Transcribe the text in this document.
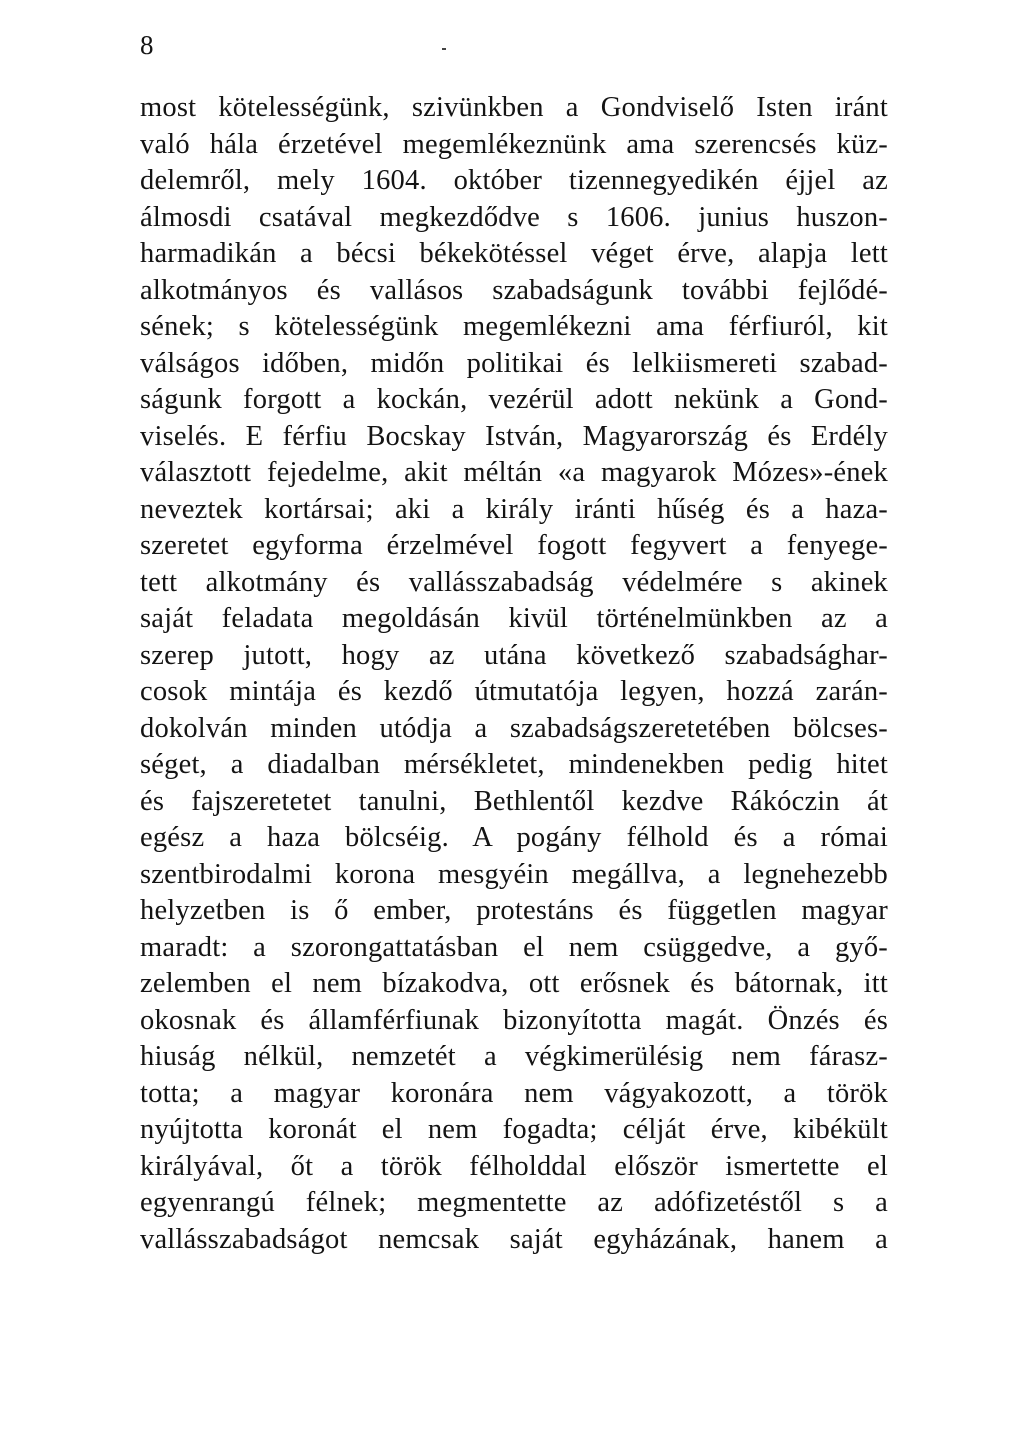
8
most kötelességünk, szivünkben a Gondviselő Isten iránt
való hála érzetével megemlékeznünk ama szerencsés küz-
delemről, mely 1604. október tizennegyedikén éjjel az
álmosdi csatával megkezdődve s 1606. junius huszon-
harmadikán a bécsi békekötéssel véget érve, alapja lett
alkotmányos és vallásos szabadságunk további fejlődé-
sének; s kötelességünk megemlékezni ama férfiuról, kit
válságos időben, midőn politikai és lelkiismereti szabad-
ságunk forgott a kockán, vezérül adott nekünk a Gond-
viselés. E férfiu Bocskay István, Magyarország és Erdély
választott fejedelme, akit méltán «a magyarok Mózes»-ének
neveztek kortársai; aki a király iránti hűség és a haza-
szeretet egyforma érzelmével fogott fegyvert a fenyege-
tett alkotmány és vallásszabadság védelmére s akinek
saját feladata megoldásán kivül történelmünkben az a
szerep jutott, hogy az utána következő szabadsághar-
cosok mintája és kezdő útmutatója legyen, hozzá zarán-
dokolván minden utódja a szabadságszeretetében bölcses-
séget, a diadalban mérsékletet, mindenekben pedig hitet
és fajszeretetet tanulni, Bethlentől kezdve Rákóczin át
egész a haza bölcséig. A pogány félhold és a római
szentbirodalmi korona mesgyéin megállva, a legnehezebb
helyzetben is ő ember, protestáns és független magyar
maradt: a szorongattatásban el nem csüggedve, a győ-
zelemben el nem bízakodva, ott erősnek és bátornak, itt
okosnak és államférfiunak bizonyította magát. Önzés és
hiuság nélkül, nemzetét a végkimerülésig nem fárasz-
totta; a magyar koronára nem vágyakozott, a török
nyújtotta koronát el nem fogadta; célját érve, kibékült
királyával, őt a török félholddal először ismertette el
egyenrangú félnek; megmentette az adófizetéstől s a
vallásszabadságot nemcsak saját egyházának, hanem a
